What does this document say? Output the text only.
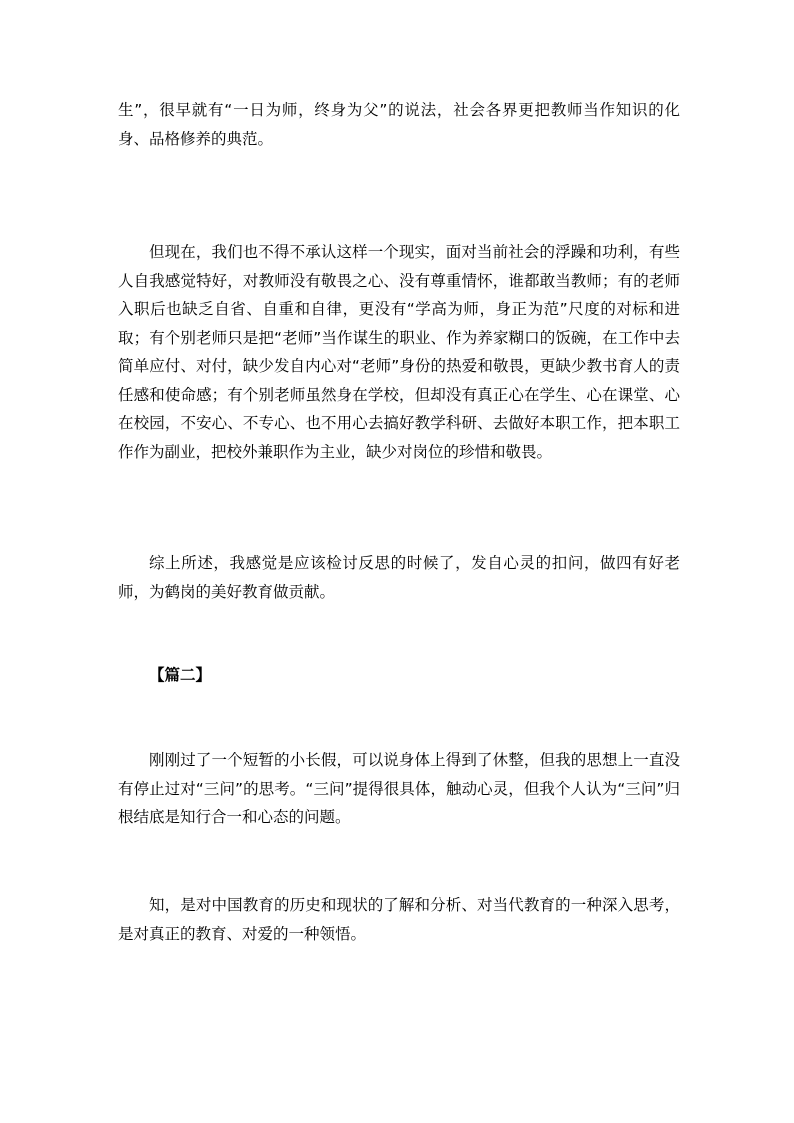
生”，很早就有“一日为师，终身为父”的说法，社会各界更把教师当作知识的化身、品格修养的典范。

但现在，我们也不得不承认这样一个现实，面对当前社会的浮躁和功利，有些人自我感觉特好，对教师没有敬畏之心、没有尊重情怀，谁都敢当教师；有的老师入职后也缺乏自省、自重和自律，更没有“学高为师，身正为范”尺度的对标和进取；有个别老师只是把“老师”当作谋生的职业、作为养家糊口的饭碗，在工作中去简单应付、对付，缺少发自内心对“老师”身份的热爱和敬畏，更缺少教书育人的责任感和使命感；有个别老师虽然身在学校，但却没有真正心在学生、心在课堂、心在校园，不安心、不专心、也不用心去搞好教学科研、去做好本职工作，把本职工作作为副业，把校外兼职作为主业，缺少对岗位的珍惜和敬畏。

综上所述，我感觉是应该检讨反思的时候了，发自心灵的扣问，做四有好老师，为鹤岗的美好教育做贡献。

【篇二】

刚刚过了一个短暂的小长假，可以说身体上得到了休整，但我的思想上一直没有停止过对“三问”的思考。“三问”提得很具体，触动心灵，但我个人认为“三问”归根结底是知行合一和心态的问题。

知，是对中国教育的历史和现状的了解和分析、对当代教育的一种深入思考，是对真正的教育、对爱的一种领悟。
